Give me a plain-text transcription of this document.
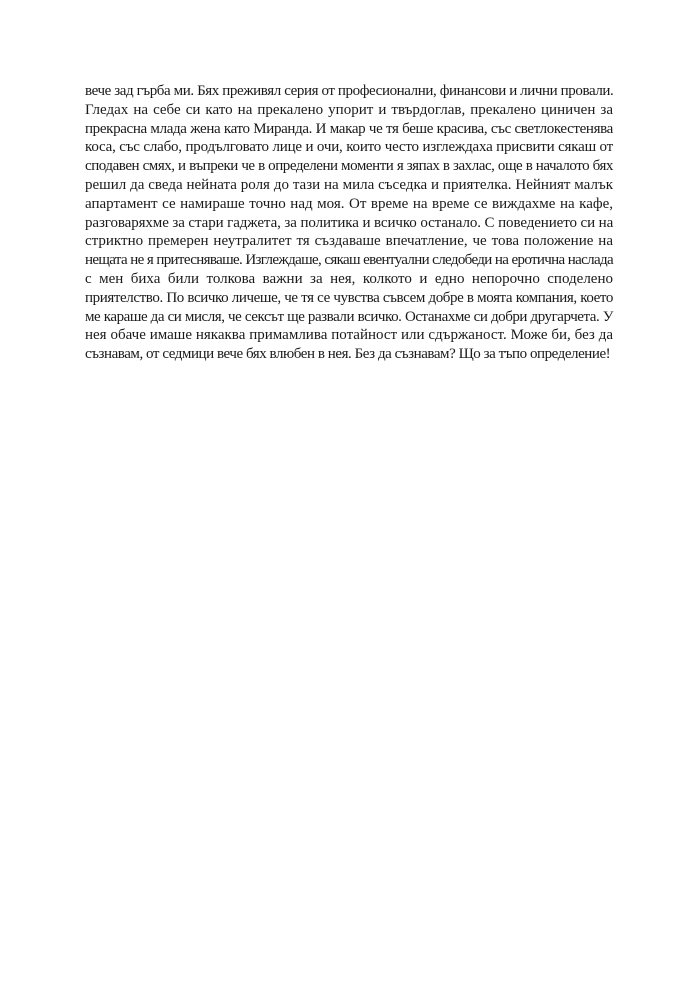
вече зад гърба ми. Бях преживял серия от професионални, финансови и лични провали.
Гледах на себе си като на прекалено упорит и твърдоглав, прекалено циничен за
прекрасна млада жена като Миранда. И макар че тя беше красива, със светлокестенява
коса, със слабо, продълговато лице и очи, които често изглеждаха присвити сякаш от
сподавен смях, и въпреки че в определени моменти я зяпах в захлас, още в началото бях
решил да сведа нейната роля до тази на мила съседка и приятелка. Нейният малък
апартамент се намираше точно над моя. От време на време се виждахме на кафе,
разговаряхме за стари гаджета, за политика и всичко останало. С поведението си на
стриктно премерен неутралитет тя създаваше впечатление, че това положение на
нещата не я притесняваше. Изглеждаше, сякаш евентуални следобеди на еротична наслада
с мен биха били толкова важни за нея, колкото и едно непорочно споделено
приятелство. По всичко личеше, че тя се чувства съвсем добре в моята компания, което
ме караше да си мисля, че сексът ще развали всичко. Останахме си добри другарчета. У
нея обаче имаше някаква примамлива потайност или сдържаност. Може би, без да
съзнавам, от седмици вече бях влюбен в нея. Без да съзнавам? Що за тъпо определение!
